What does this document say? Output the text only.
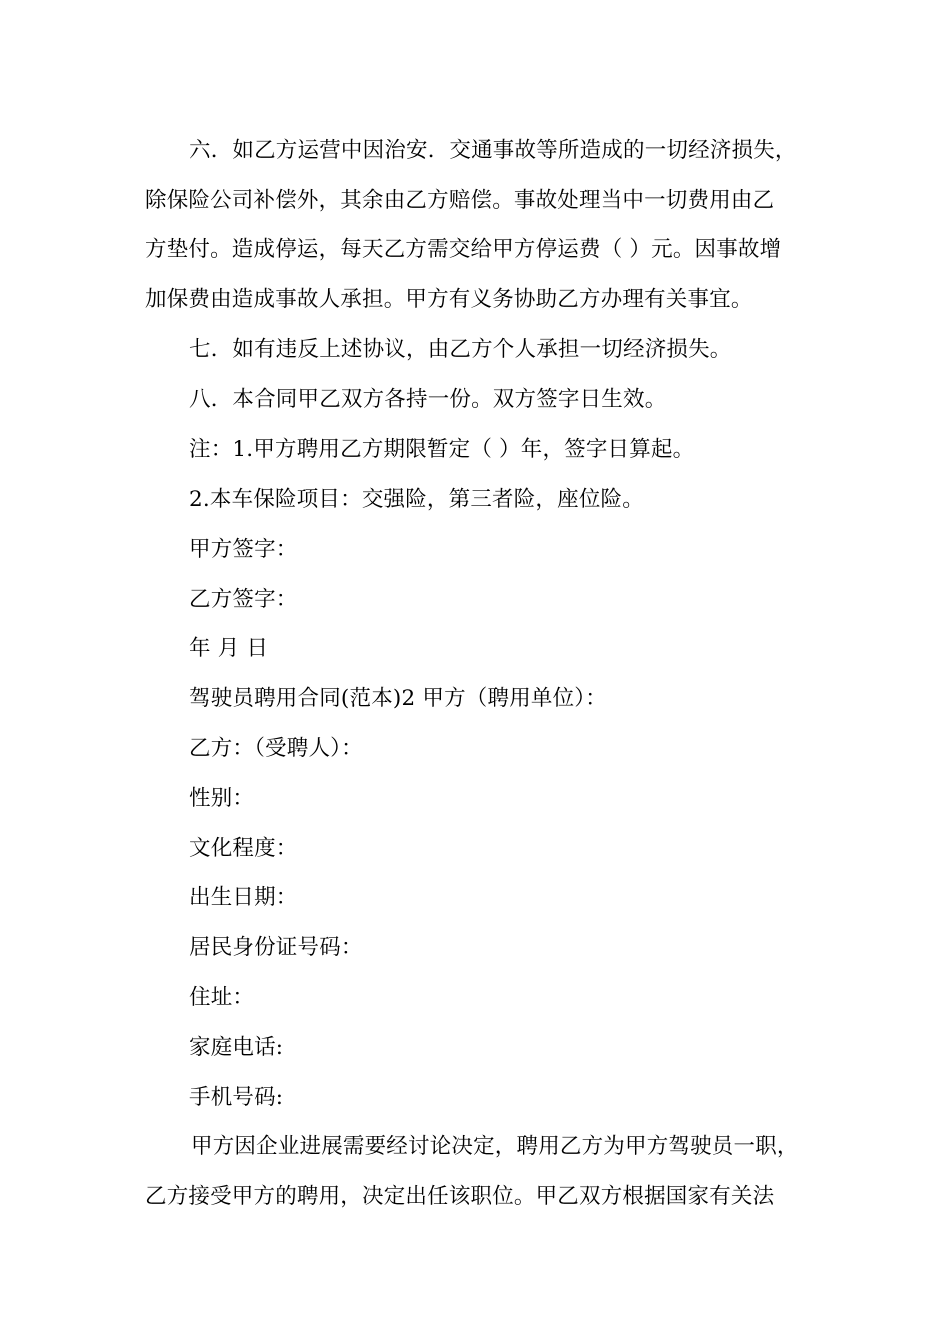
六．如乙方运营中因治安．交通事故等所造成的一切经济损失，
除保险公司补偿外，其余由乙方赔偿。事故处理当中一切费用由乙
方垫付。造成停运，每天乙方需交给甲方停运费（ ）元。因事故增
加保费由造成事故人承担。甲方有义务协助乙方办理有关事宜。
七．如有违反上述协议，由乙方个人承担一切经济损失。
八．本合同甲乙双方各持一份。双方签字日生效。
注：1.甲方聘用乙方期限暂定（ ）年，签字日算起。
2.本车保险项目：交强险，第三者险，座位险。
甲方签字：
乙方签字：
年 月 日
驾驶员聘用合同(范本)2 甲方（聘用单位）：
乙方：（受聘人）：
性别：
文化程度：
出生日期：
居民身份证号码：
住址：
家庭电话:
手机号码:
甲方因企业进展需要经讨论决定，聘用乙方为甲方驾驶员一职，
乙方接受甲方的聘用，决定出任该职位。甲乙双方根据国家有关法
